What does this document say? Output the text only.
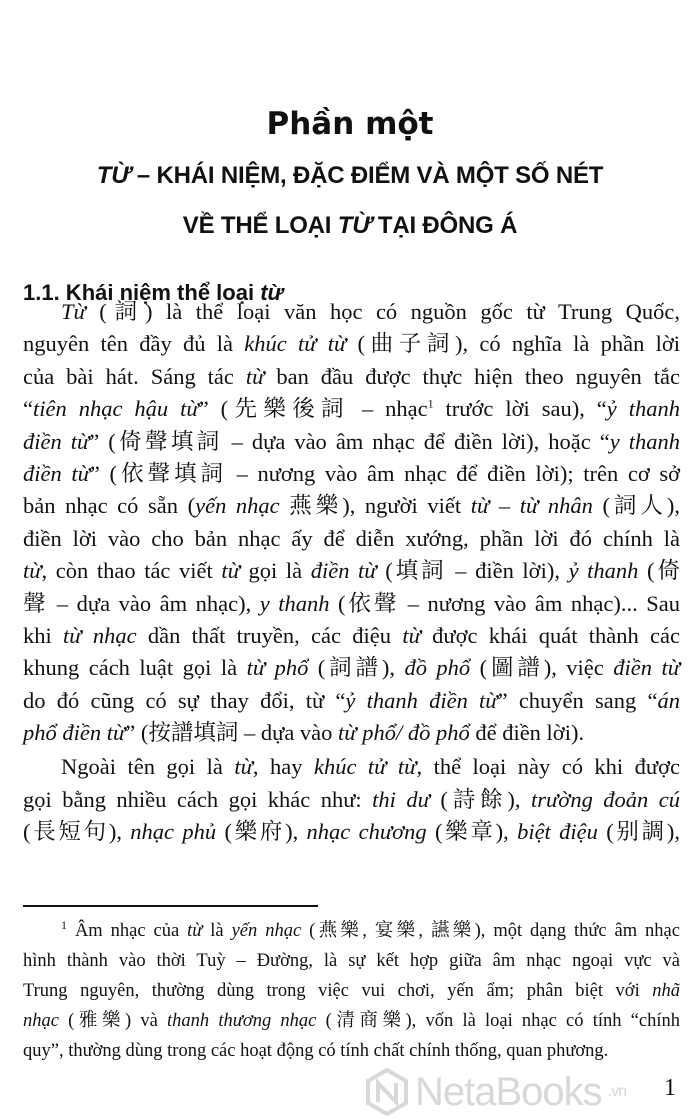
Phần một
TỪ – KHÁI NIỆM, ĐẶC ĐIỂM VÀ MỘT SỐ NÉT
VỀ THỂ LOẠI TỪ TẠI ĐÔNG Á
1.1. Khái niệm thể loại từ
Từ (詞) là thể loại văn học có nguồn gốc từ Trung Quốc,
nguyên tên đầy đủ là khúc tử từ (曲子詞), có nghĩa là phần lời
của bài hát. Sáng tác từ ban đầu được thực hiện theo nguyên tắc
“tiên nhạc hậu từ” (先樂後詞 – nhạc$^1$ trước lời sau), “ỷ thanh
điền từ” (倚聲填詞 – dựa vào âm nhạc để điền lời), hoặc “y thanh
điền từ” (依聲填詞 – nương vào âm nhạc để điền lời); trên cơ sở
bản nhạc có sẵn (yến nhạc 燕樂), người viết từ – từ nhân (詞人),
điền lời vào cho bản nhạc ấy để diễn xướng, phần lời đó chính là
từ, còn thao tác viết từ gọi là điền từ (填詞 – điền lời), ỷ thanh (倚
聲 – dựa vào âm nhạc), y thanh (依聲 – nương vào âm nhạc)... Sau
khi từ nhạc dần thất truyền, các điệu từ được khái quát thành các
khung cách luật gọi là từ phổ (詞譜), đồ phổ (圖譜), việc điền từ
do đó cũng có sự thay đổi, từ “ỷ thanh điền từ” chuyển sang “án
phổ điền từ” (按譜填詞 – dựa vào từ phổ/ đồ phổ để điền lời).
Ngoài tên gọi là từ, hay khúc tử từ, thể loại này có khi được
gọi bằng nhiều cách gọi khác như: thi dư (詩餘), trường đoản cú
(長短句), nhạc phủ (樂府), nhạc chương (樂章), biệt điệu (别調),
$^1$ Âm nhạc của từ là yến nhạc (燕樂, 宴樂, 讌樂), một dạng thức âm nhạc
hình thành vào thời Tuỳ – Đường, là sự kết hợp giữa âm nhạc ngoại vực và
Trung nguyên, thường dùng trong việc vui chơi, yến ẩm; phân biệt với nhã
nhạc (雅樂) và thanh thương nhạc (清商樂), vốn là loại nhạc có tính “chính
quy”, thường dùng trong các hoạt động có tính chất chính thống, quan phương.
NetaBooks .vn 1
